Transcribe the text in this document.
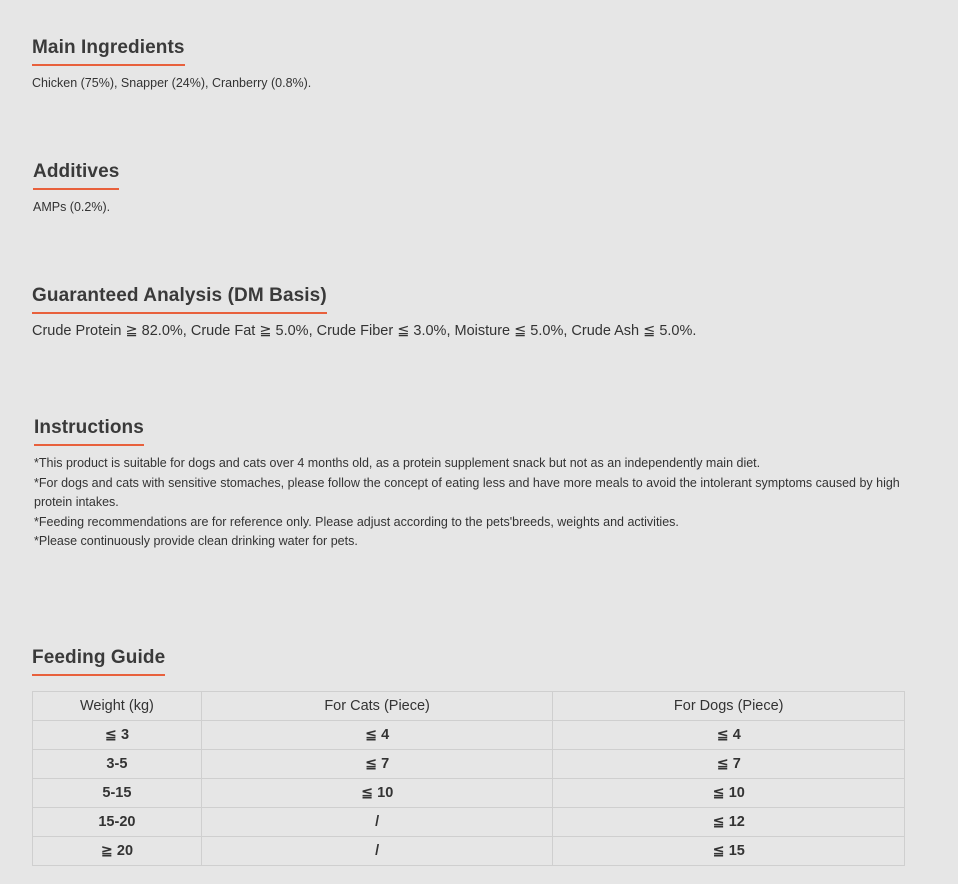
Main Ingredients
Chicken (75%), Snapper (24%), Cranberry (0.8%).
Additives
AMPs (0.2%).
Guaranteed Analysis (DM Basis)
Crude Protein ≧ 82.0%, Crude Fat ≧ 5.0%, Crude Fiber ≦ 3.0%, Moisture ≦ 5.0%, Crude Ash ≦ 5.0%.
Instructions
*This product is suitable for dogs and cats over 4 months old, as a protein supplement snack but not as an independently main diet.
*For dogs and cats with sensitive stomaches, please follow the concept of eating less and have more meals to avoid the intolerant symptoms caused by high protein intakes.
*Feeding recommendations are for reference only. Please adjust according to the pets'breeds, weights and activities.
*Please continuously provide clean drinking water for pets.
Feeding Guide
Weight (kg)	For Cats (Piece)	For Dogs (Piece)
≦ 3	≦ 4	≦ 4
3-5	≦ 7	≦ 7
5-15	≦ 10	≦ 10
15-20	/	≦ 12
≧ 20	/	≦ 15
